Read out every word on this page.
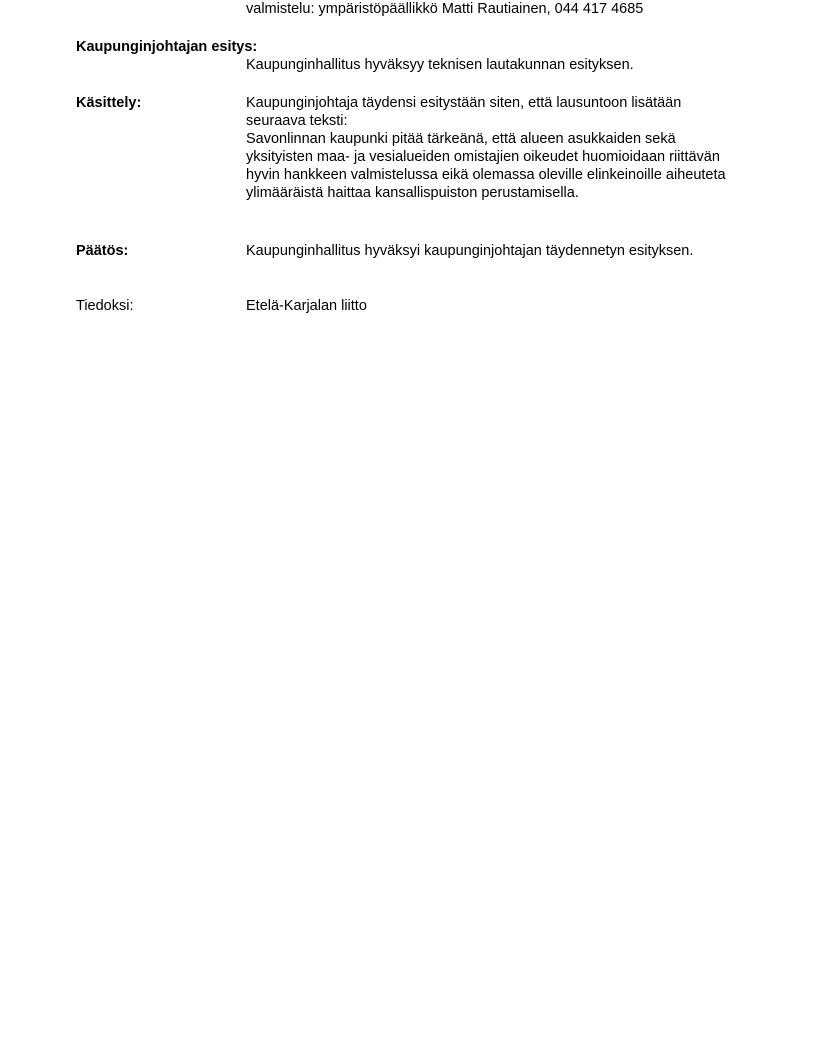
valmistelu: ympäristöpäällikkö Matti Rautiainen, 044 417 4685
Kaupunginjohtajan esitys:
Kaupunginhallitus hyväksyy teknisen lautakunnan esityksen.
Käsittely:	Kaupunginjohtaja täydensi esitystään siten, että lausuntoon lisätään seuraava teksti:

Savonlinnan kaupunki pitää tärkeänä, että alueen asukkaiden sekä yksityisten maa- ja vesialueiden omistajien oikeudet huomioidaan riittävän hyvin hankkeen valmistelussa eikä olemassa oleville elinkeinoille aiheuteta ylimääräistä haittaa kansallispuiston perustamisella.

Päätös:	Kaupunginhallitus hyväksyi kaupunginjohtajan täydennetyn esityksen.
Tiedoksi:	Etelä-Karjalan liitto
